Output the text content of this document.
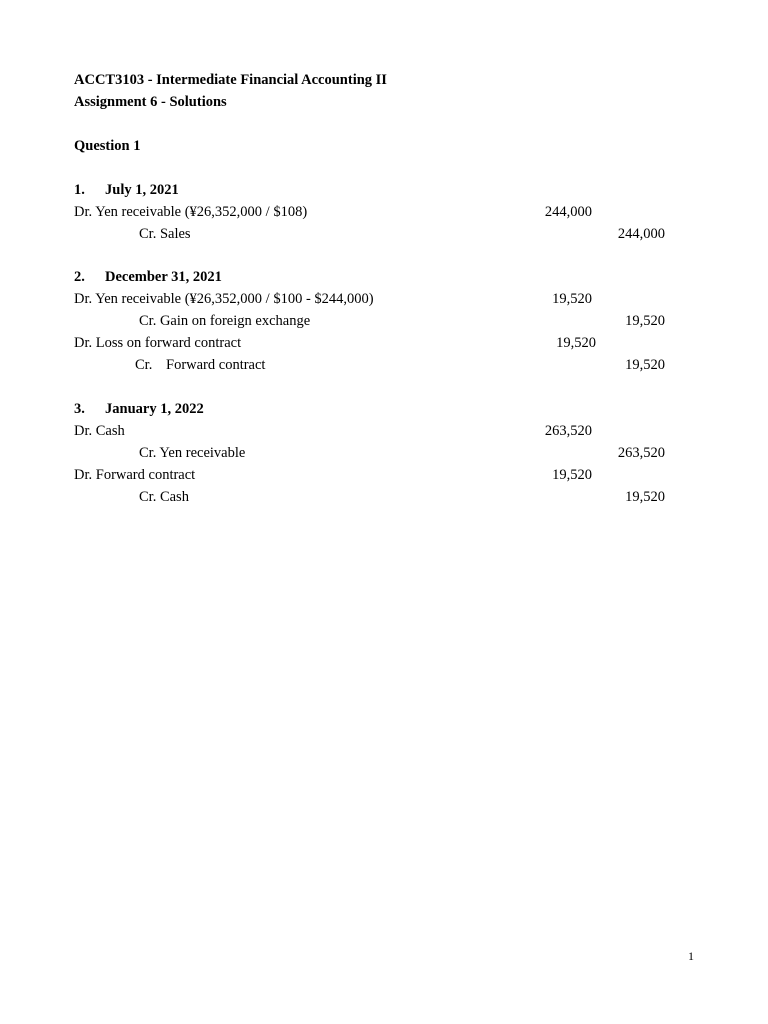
ACCT3103 - Intermediate Financial Accounting II
Assignment 6 - Solutions
Question 1
1. July 1, 2021
Dr. Yen receivable (¥26,352,000 / $108)	244,000
Cr. Sales	244,000
2. December 31, 2021
Dr. Yen receivable (¥26,352,000 / $100 - $244,000)	19,520
Cr. Gain on foreign exchange	19,520
Dr. Loss on forward contract	19,520
Cr. Forward contract	19,520
3. January 1, 2022
Dr. Cash	263,520
Cr. Yen receivable	263,520
Dr. Forward contract	19,520
Cr. Cash	19,520
1
